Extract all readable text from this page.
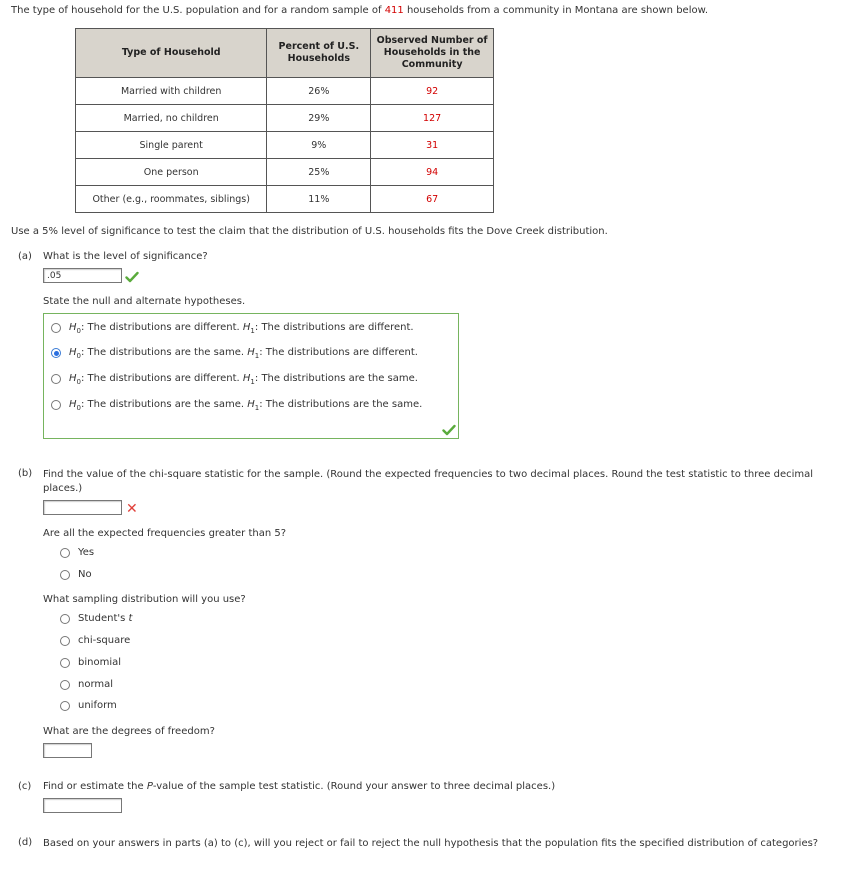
The type of household for the U.S. population and for a random sample of 411 households from a community in Montana are shown below.
Type of Household	Percent of U.S. Households	Observed Number of Households in the Community
Married with children	26%	92
Married, no children	29%	127
Single parent	9%	31
One person	25%	94
Other (e.g., roommates, siblings)	11%	67
Use a 5% level of significance to test the claim that the distribution of U.S. households fits the Dove Creek distribution.
(a) What is the level of significance?
.05
State the null and alternate hypotheses.
$H_0$: The distributions are different. $H_1$: The distributions are different.
$H_0$: The distributions are the same. $H_1$: The distributions are different.
$H_0$: The distributions are different. $H_1$: The distributions are the same.
$H_0$: The distributions are the same. $H_1$: The distributions are the same.
(b) Find the value of the chi-square statistic for the sample. (Round the expected frequencies to two decimal places. Round the test statistic to three decimal places.)
✕
Are all the expected frequencies greater than 5?
Yes
No
What sampling distribution will you use?
Student's t
chi-square
binomial
normal
uniform
What are the degrees of freedom?
(c) Find or estimate the P-value of the sample test statistic. (Round your answer to three decimal places.)
(d) Based on your answers in parts (a) to (c), will you reject or fail to reject the null hypothesis that the population fits the specified distribution of categories?
